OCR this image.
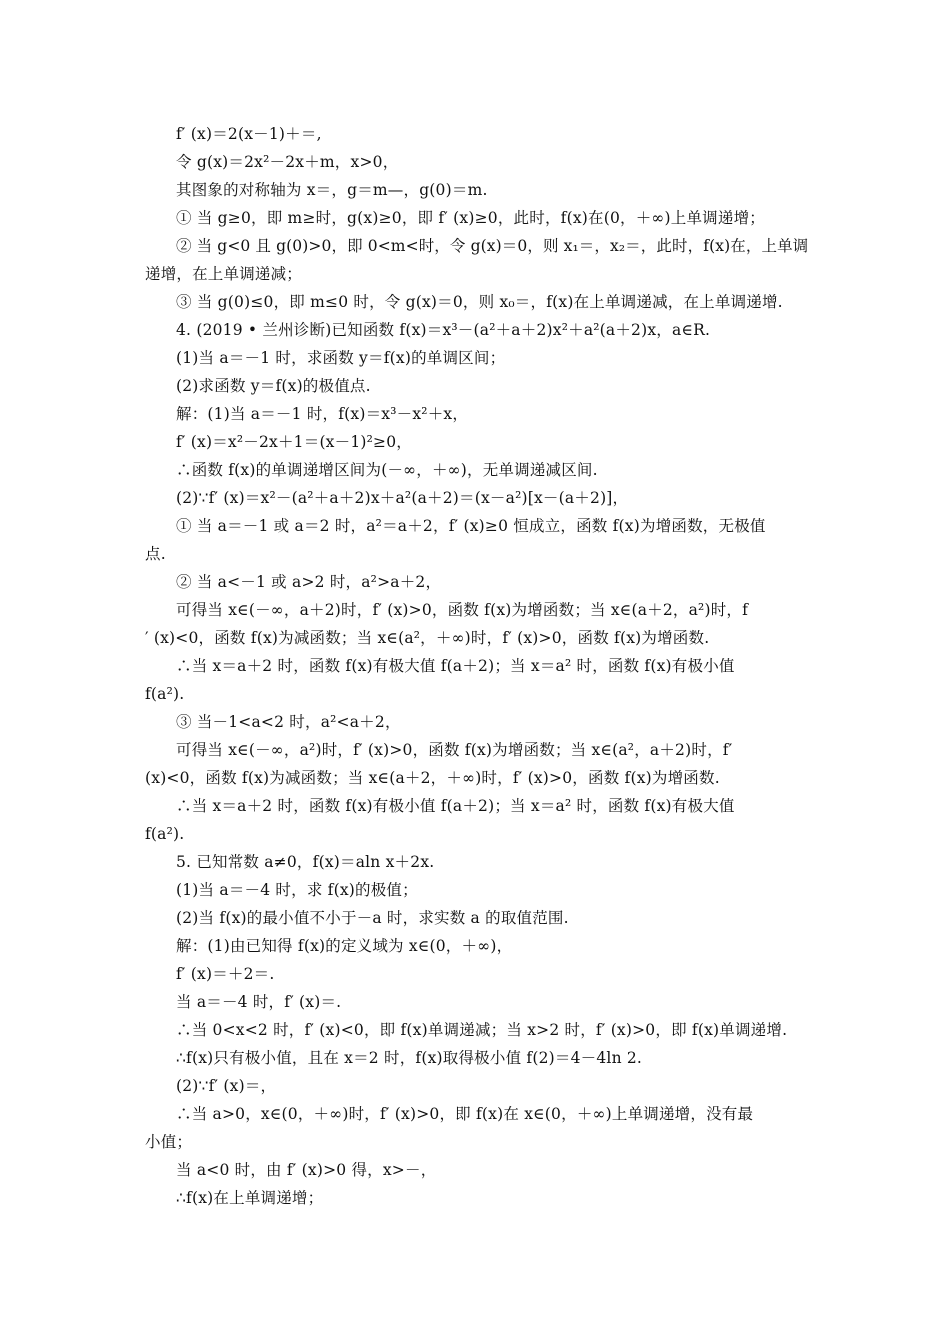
f′ (x)＝2(x－1)＋＝,
令 g(x)＝2x²－2x＋m，x>0，
其图象的对称轴为 x＝，g＝m—，g(0)＝m.
① 当 g≥0，即 m≥时，g(x)≥0，即 f′ (x)≥0，此时，f(x)在(0，＋∞)上单调递增；
② 当 g<0 且 g(0)>0，即 0<m<时，令 g(x)＝0，则 x₁＝，x₂＝，此时，f(x)在，上单调
递增，在上单调递减；
③ 当 g(0)≤0，即 m≤0 时，令 g(x)＝0，则 x₀＝，f(x)在上单调递减，在上单调递增.
4. (2019 • 兰州诊断)已知函数 f(x)＝x³－(a²＋a＋2)x²＋a²(a＋2)x，a∈R.
(1)当 a＝－1 时，求函数 y＝f(x)的单调区间；
(2)求函数 y＝f(x)的极值点.
解：(1)当 a＝－1 时，f(x)＝x³－x²＋x，
f′ (x)＝x²－2x＋1＝(x－1)²≥0，
∴函数 f(x)的单调递增区间为(－∞，＋∞)，无单调递减区间.
(2)∵f′ (x)＝x²－(a²＋a＋2)x＋a²(a＋2)＝(x－a²)[x－(a＋2)]，
① 当 a＝－1 或 a＝2 时，a²＝a＋2，f′ (x)≥0 恒成立，函数 f(x)为增函数，无极值
点.
② 当 a<－1 或 a>2 时，a²>a＋2，
可得当 x∈(－∞，a＋2)时，f′ (x)>0，函数 f(x)为增函数；当 x∈(a＋2，a²)时，f
′ (x)<0，函数 f(x)为减函数；当 x∈(a²，＋∞)时，f′ (x)>0，函数 f(x)为增函数.
∴当 x＝a＋2 时，函数 f(x)有极大值 f(a＋2)；当 x＝a² 时，函数 f(x)有极小值
f(a²).
③ 当－1<a<2 时，a²<a＋2，
可得当 x∈(－∞，a²)时，f′ (x)>0，函数 f(x)为增函数；当 x∈(a²，a＋2)时，f′
(x)<0，函数 f(x)为减函数；当 x∈(a＋2，＋∞)时，f′ (x)>0，函数 f(x)为增函数.
∴当 x＝a＋2 时，函数 f(x)有极小值 f(a＋2)；当 x＝a² 时，函数 f(x)有极大值
f(a²).
5. 已知常数 a≠0，f(x)＝aln x＋2x.
(1)当 a＝－4 时，求 f(x)的极值；
(2)当 f(x)的最小值不小于－a 时，求实数 a 的取值范围.
解：(1)由已知得 f(x)的定义域为 x∈(0，＋∞)，
f′ (x)＝＋2＝.
当 a＝－4 时，f′ (x)＝.
∴当 0<x<2 时，f′ (x)<0，即 f(x)单调递减；当 x>2 时，f′ (x)>0，即 f(x)单调递增.
∴f(x)只有极小值，且在 x＝2 时，f(x)取得极小值 f(2)＝4－4ln 2.
(2)∵f′ (x)＝，
∴当 a>0，x∈(0，＋∞)时，f′ (x)>0，即 f(x)在 x∈(0，＋∞)上单调递增，没有最
小值；
当 a<0 时，由 f′ (x)>0 得，x>－，
∴f(x)在上单调递增；
